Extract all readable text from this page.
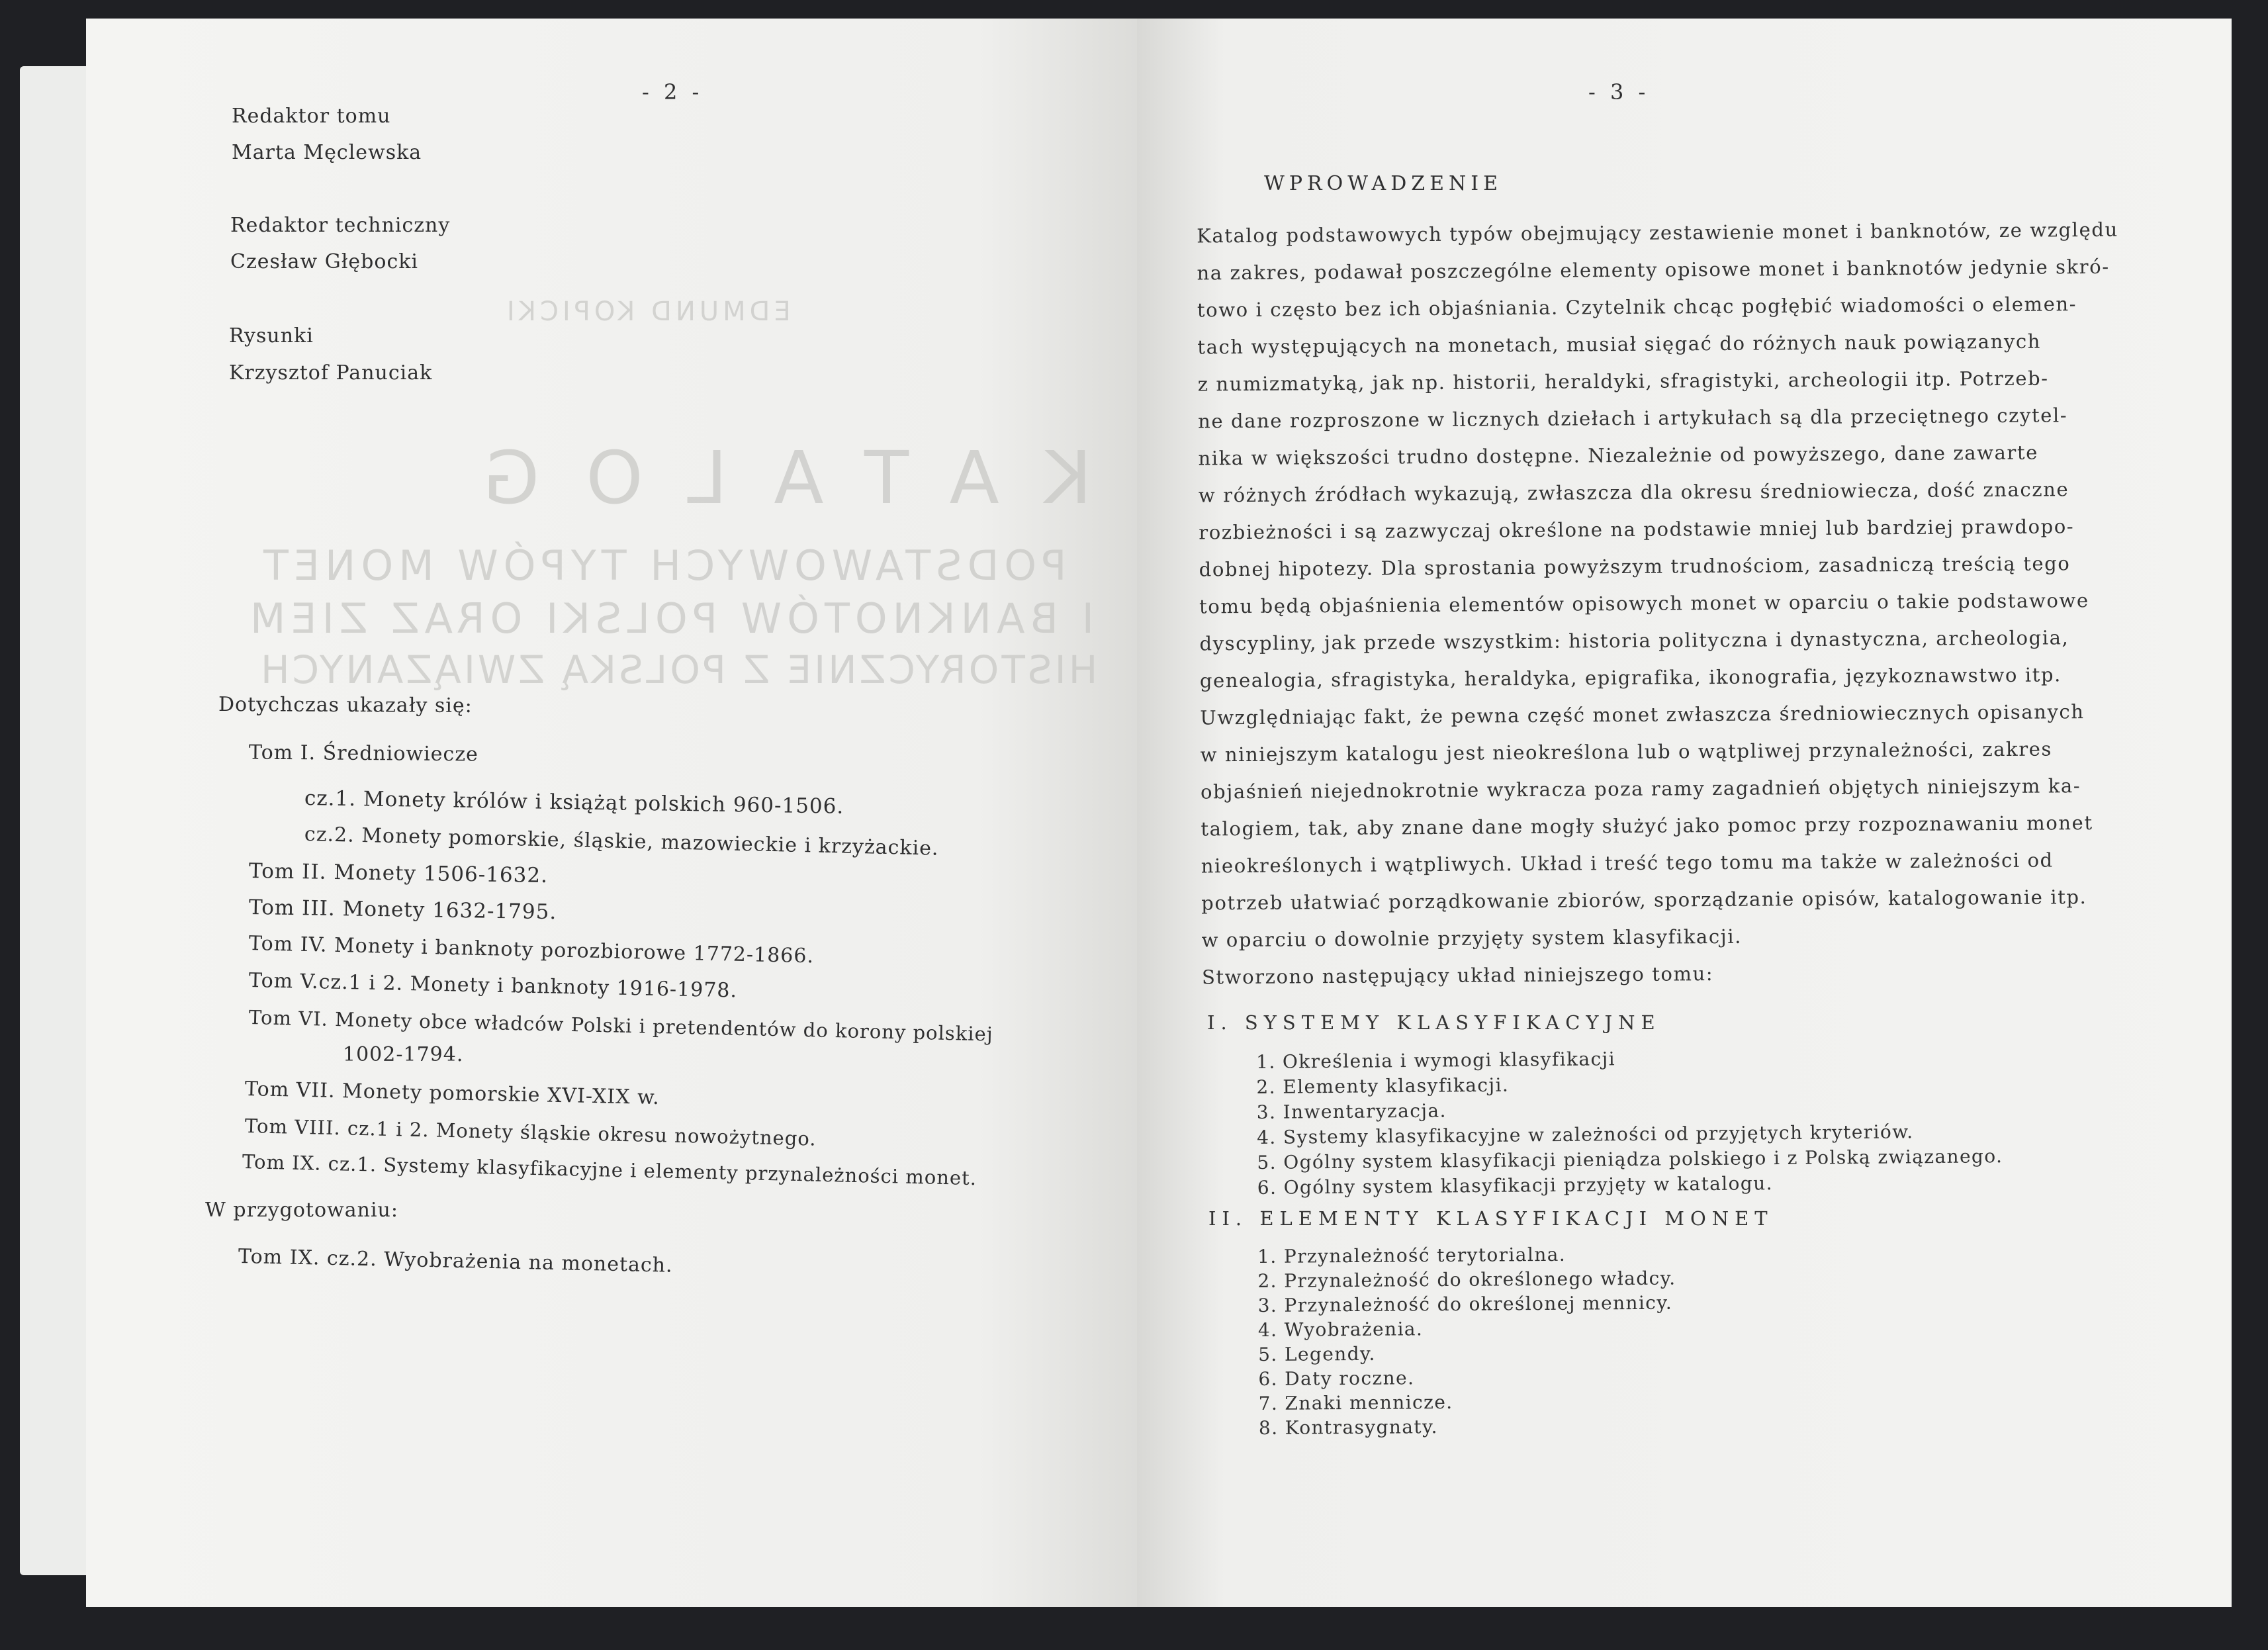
EDMUND KOPICKI
KATALOG
PODSTAWOWYCH TYPÓW MONET
I BANKNOTÓW POLSKI ORAZ ZIEM
HISTORYCZNIE Z POLSKĄ ZWIĄZANYCH
- 2 -
Redaktor tomu
Marta Męclewska
Redaktor techniczny
Czesław Głębocki
Rysunki
Krzysztof Panuciak
Dotychczas ukazały się:
Tom I. Średniowiecze
cz.1. Monety królów i książąt polskich 960-1506.
cz.2. Monety pomorskie, śląskie, mazowieckie i krzyżackie.
Tom II. Monety 1506-1632.
Tom III. Monety 1632-1795.
Tom IV. Monety i banknoty porozbiorowe 1772-1866.
Tom V.cz.1 i 2. Monety i banknoty 1916-1978.
Tom VI. Monety obce władców Polski i pretendentów do korony polskiej
1002-1794.
Tom VII. Monety pomorskie XVI-XIX w.
Tom VIII. cz.1 i 2. Monety śląskie okresu nowożytnego.
Tom IX. cz.1. Systemy klasyfikacyjne i elementy przynależności monet.
W przygotowaniu:
Tom IX. cz.2. Wyobrażenia na monetach.
- 3 -
WPROWADZENIE
Katalog podstawowych typów obejmujący zestawienie monet i banknotów, ze względu
na zakres, podawał poszczególne elementy opisowe monet i banknotów jedynie skró-
towo i często bez ich objaśniania. Czytelnik chcąc pogłębić wiadomości o elemen-
tach występujących na monetach, musiał sięgać do różnych nauk powiązanych
z numizmatyką, jak np. historii, heraldyki, sfragistyki, archeologii itp. Potrzeb-
ne dane rozproszone w licznych dziełach i artykułach są dla przeciętnego czytel-
nika w większości trudno dostępne. Niezależnie od powyższego, dane zawarte
w różnych źródłach wykazują, zwłaszcza dla okresu średniowiecza, dość znaczne
rozbieżności i są zazwyczaj określone na podstawie mniej lub bardziej prawdopo-
dobnej hipotezy. Dla sprostania powyższym trudnościom, zasadniczą treścią tego
tomu będą objaśnienia elementów opisowych monet w oparciu o takie podstawowe
dyscypliny, jak przede wszystkim: historia polityczna i dynastyczna, archeologia,
genealogia, sfragistyka, heraldyka, epigrafika, ikonografia, językoznawstwo itp.
Uwzględniając fakt, że pewna część monet zwłaszcza średniowiecznych opisanych
w niniejszym katalogu jest nieokreślona lub o wątpliwej przynależności, zakres
objaśnień niejednokrotnie wykracza poza ramy zagadnień objętych niniejszym ka-
talogiem, tak, aby znane dane mogły służyć jako pomoc przy rozpoznawaniu monet
nieokreślonych i wątpliwych. Układ i treść tego tomu ma także w zależności od
potrzeb ułatwiać porządkowanie zbiorów, sporządzanie opisów, katalogowanie itp.
w oparciu o dowolnie przyjęty system klasyfikacji.
Stworzono następujący układ niniejszego tomu:
I. SYSTEMY KLASYFIKACYJNE
1. Określenia i wymogi klasyfikacji
2. Elementy klasyfikacji.
3. Inwentaryzacja.
4. Systemy klasyfikacyjne w zależności od przyjętych kryteriów.
5. Ogólny system klasyfikacji pieniądza polskiego i z Polską związanego.
6. Ogólny system klasyfikacji przyjęty w katalogu.
II. ELEMENTY KLASYFIKACJI MONET
1. Przynależność terytorialna.
2. Przynależność do określonego władcy.
3. Przynależność do określonej mennicy.
4. Wyobrażenia.
5. Legendy.
6. Daty roczne.
7. Znaki mennicze.
8. Kontrasygnaty.
